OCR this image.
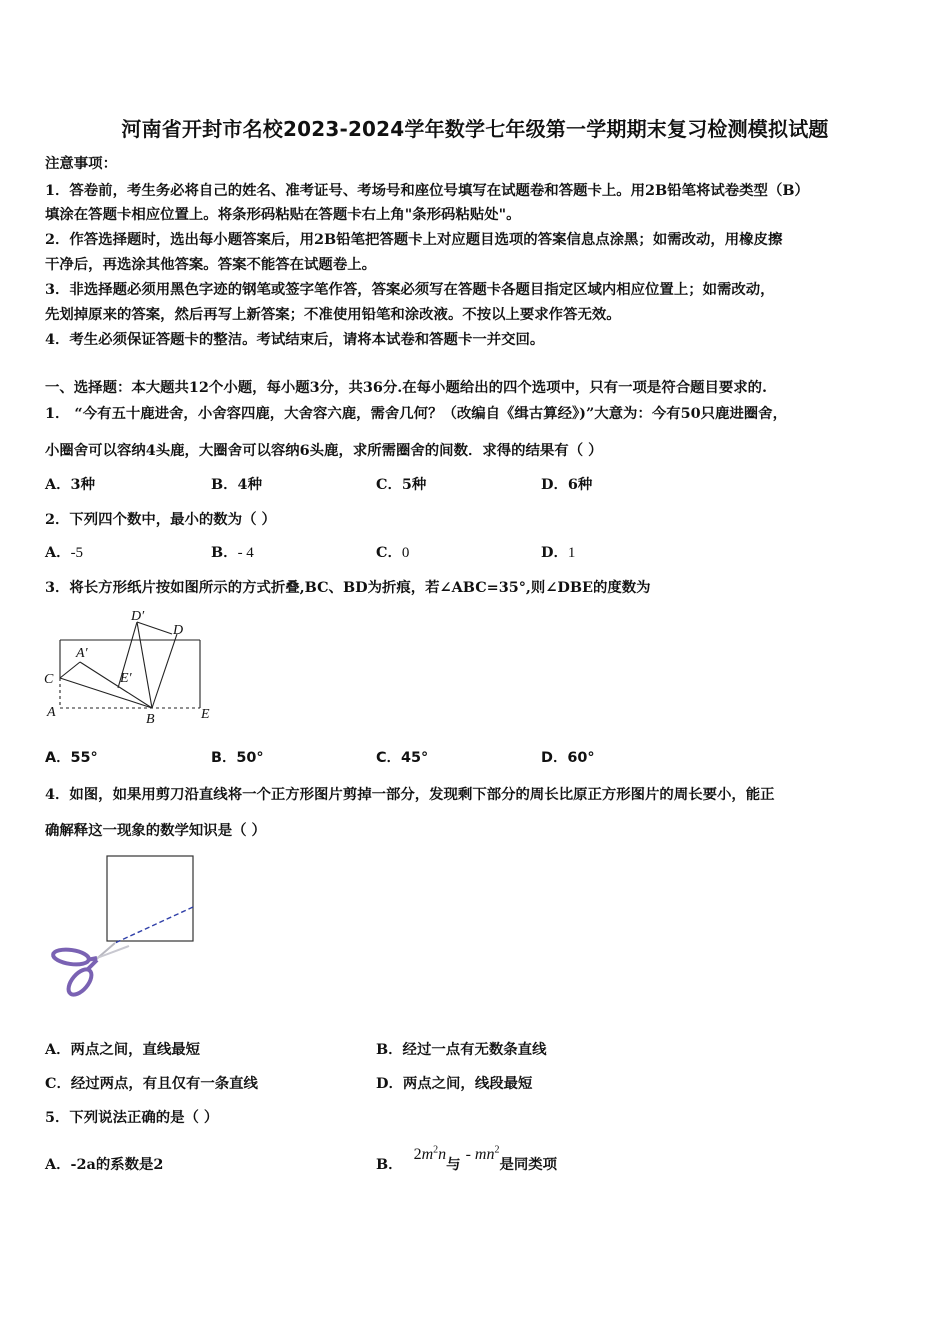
河南省开封市名校2023-2024学年数学七年级第一学期期末复习检测模拟试题
注意事项：
1．答卷前，考生务必将自己的姓名、准考证号、考场号和座位号填写在试题卷和答题卡上。用2B铅笔将试卷类型（B）
填涂在答题卡相应位置上。将条形码粘贴在答题卡右上角"条形码粘贴处"。
2．作答选择题时，选出每小题答案后，用2B铅笔把答题卡上对应题目选项的答案信息点涂黑；如需改动，用橡皮擦
干净后，再选涂其他答案。答案不能答在试题卷上。
3．非选择题必须用黑色字迹的钢笔或签字笔作答，答案必须写在答题卡各题目指定区域内相应位置上；如需改动，
先划掉原来的答案，然后再写上新答案；不准使用铅笔和涂改液。不按以上要求作答无效。
4．考生必须保证答题卡的整洁。考试结束后，请将本试卷和答题卡一并交回。
一、选择题：本大题共12个小题，每小题3分，共36分.在每小题给出的四个选项中，只有一项是符合题目要求的.
1． “今有五十鹿进舍，小舍容四鹿，大舍容六鹿，需舍几何？（改编自《缉古算经》)”大意为：今有50只鹿进圈舍，
小圈舍可以容纳4头鹿，大圈舍可以容纳6头鹿，求所需圈舍的间数．求得的结果有（ ）
A．3种	B．4种	C．5种	D．6种
2．下列四个数中，最小的数为（ ）
A．-5	B．- 4	C．0	D．1
3．将长方形纸片按如图所示的方式折叠,BC、BD为折痕，若∠ABC=35°,则∠DBE的度数为
D′
D
A′
C	E′
A	B	E
A．55°	B．50°	C．45°	D．60°
4．如图，如果用剪刀沿直线将一个正方形图片剪掉一部分，发现剩下部分的周长比原正方形图片的周长要小，能正
确解释这一现象的数学知识是（ ）
A．两点之间，直线最短	B．经过一点有无数条直线
C．经过两点，有且仅有一条直线	D．两点之间，线段最短
5．下列说法正确的是（ ）
A．-2a的系数是2	B． $2m^2n$与 - $mn^2$是同类项
